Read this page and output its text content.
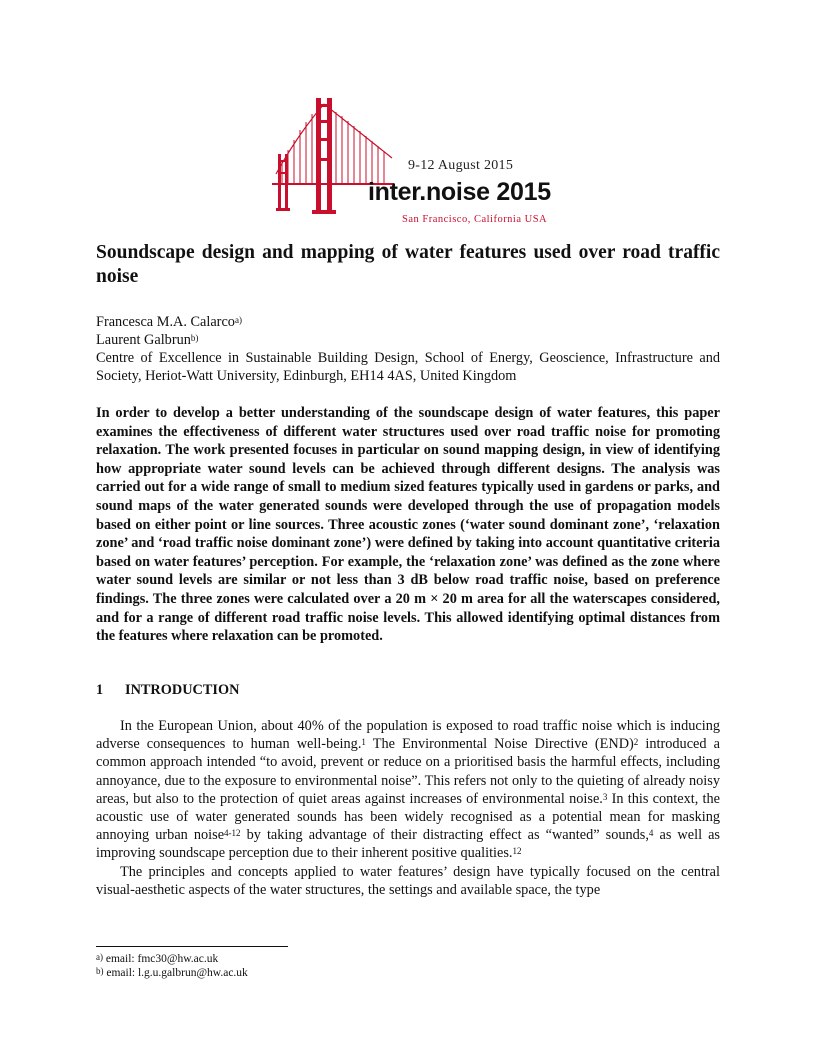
9-12 August 2015
inter.noise 2015
San Francisco, California USA
Soundscape design and mapping of water features used over road traffic noise

Francesca M.A. Calarco$^{a)}$

Laurent Galbrun$^{b)}$

Centre of Excellence in Sustainable Building Design, School of Energy, Geoscience, Infrastructure and Society, Heriot-Watt University, Edinburgh, EH14 4AS, United Kingdom

In order to develop a better understanding of the soundscape design of water features, this paper examines the effectiveness of different water structures used over road traffic noise for promoting relaxation. The work presented focuses in particular on sound mapping design, in view of identifying how appropriate water sound levels can be achieved through different designs. The analysis was carried out for a wide range of small to medium sized features typically used in gardens or parks, and sound maps of the water generated sounds were developed through the use of propagation models based on either point or line sources. Three acoustic zones (‘water sound dominant zone’, ‘relaxation zone’ and ‘road traffic noise dominant zone’) were defined by taking into account quantitative criteria based on water features’ perception. For example, the ‘relaxation zone’ was defined as the zone where water sound levels are similar or not less than 3 dB below road traffic noise, based on preference findings. The three zones were calculated over a 20 m × 20 m area for all the waterscapes considered, and for a range of different road traffic noise levels. This allowed identifying optimal distances from the features where relaxation can be promoted.
1 INTRODUCTION

In the European Union, about 40% of the population is exposed to road traffic noise which is inducing adverse consequences to human well-being.$^1$ The Environmental Noise Directive (END)$^2$ introduced a common approach intended “to avoid, prevent or reduce on a prioritised basis the harmful effects, including annoyance, due to the exposure to environmental noise”. This refers not only to the quieting of already noisy areas, but also to the protection of quiet areas against increases of environmental noise.$^3$ In this context, the acoustic use of water generated sounds has been widely recognised as a potential mean for masking annoying urban noise$^{4-12}$ by taking advantage of their distracting effect as “wanted” sounds,$^4$ as well as improving soundscape perception due to their inherent positive qualities.$^{12}$

The principles and concepts applied to water features’ design have typically focused on the central visual-aesthetic aspects of the water structures, the settings and available space, the type

$^{a)}$ email: fmc30@hw.ac.uk
$^{b)}$ email: l.g.u.galbrun@hw.ac.uk
